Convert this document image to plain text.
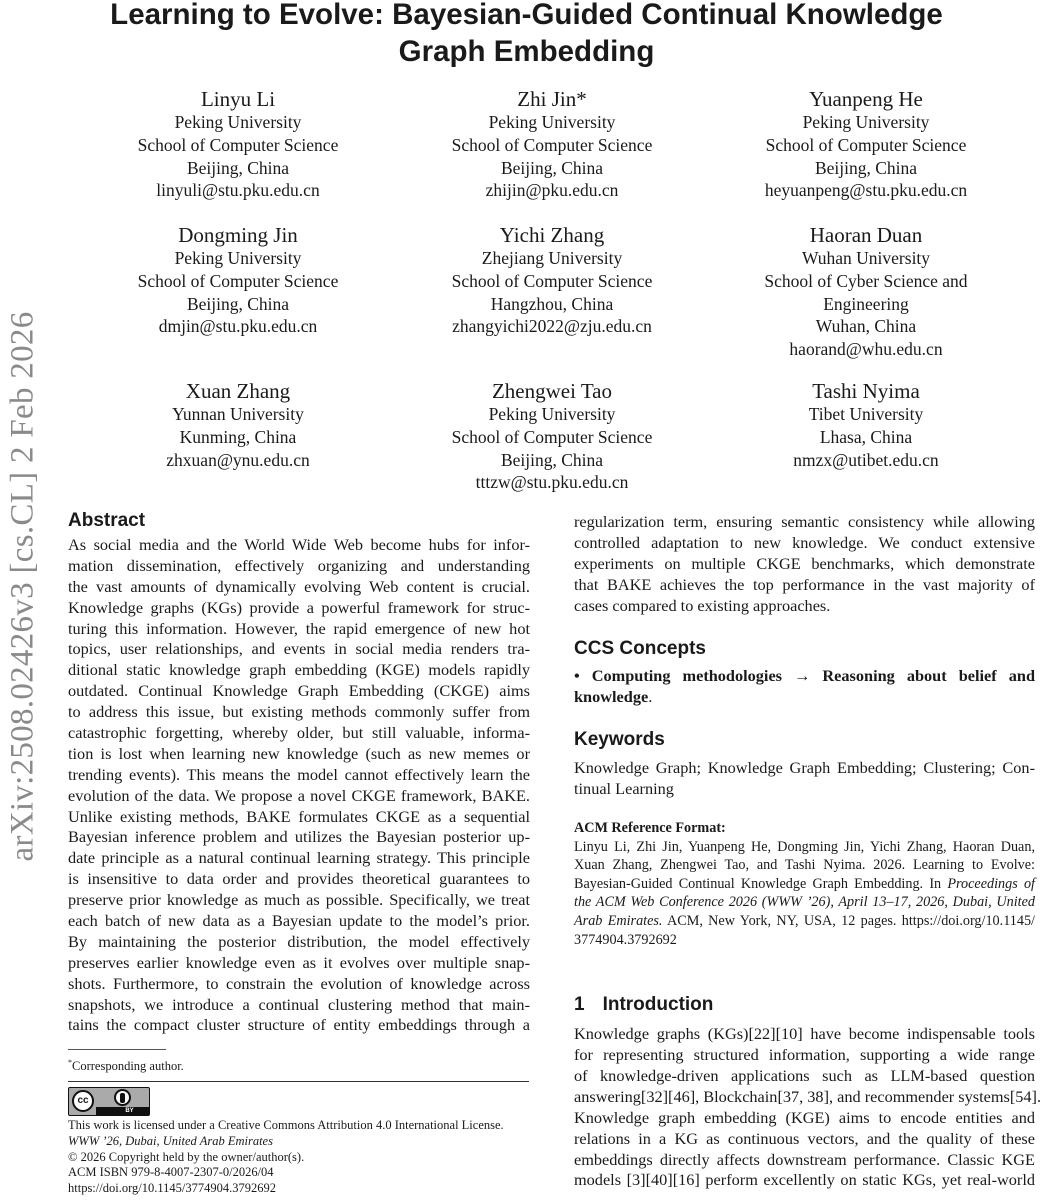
Learning to Evolve: Bayesian-Guided Continual Knowledge
Graph Embedding
arXiv:2508.02426v3 [cs.CL] 2 Feb 2026
Linyu Li
Peking University
School of Computer Science
Beijing, China
linyuli@stu.pku.edu.cn
Zhi Jin*
Peking University
School of Computer Science
Beijing, China
zhijin@pku.edu.cn
Yuanpeng He
Peking University
School of Computer Science
Beijing, China
heyuanpeng@stu.pku.edu.cn
Dongming Jin
Peking University
School of Computer Science
Beijing, China
dmjin@stu.pku.edu.cn
Yichi Zhang
Zhejiang University
School of Computer Science
Hangzhou, China
zhangyichi2022@zju.edu.cn
Haoran Duan
Wuhan University
School of Cyber Science and
Engineering
Wuhan, China
haorand@whu.edu.cn
Xuan Zhang
Yunnan University
Kunming, China
zhxuan@ynu.edu.cn
Zhengwei Tao
Peking University
School of Computer Science
Beijing, China
tttzw@stu.pku.edu.cn
Tashi Nyima
Tibet University
Lhasa, China
nmzx@utibet.edu.cn
Abstract
As social media and the World Wide Web become hubs for infor-
mation dissemination, effectively organizing and understanding
the vast amounts of dynamically evolving Web content is crucial.
Knowledge graphs (KGs) provide a powerful framework for struc-
turing this information. However, the rapid emergence of new hot
topics, user relationships, and events in social media renders tra-
ditional static knowledge graph embedding (KGE) models rapidly
outdated. Continual Knowledge Graph Embedding (CKGE) aims
to address this issue, but existing methods commonly suffer from
catastrophic forgetting, whereby older, but still valuable, informa-
tion is lost when learning new knowledge (such as new memes or
trending events). This means the model cannot effectively learn the
evolution of the data. We propose a novel CKGE framework, BAKE.
Unlike existing methods, BAKE formulates CKGE as a sequential
Bayesian inference problem and utilizes the Bayesian posterior up-
date principle as a natural continual learning strategy. This principle
is insensitive to data order and provides theoretical guarantees to
preserve prior knowledge as much as possible. Specifically, we treat
each batch of new data as a Bayesian update to the model’s prior.
By maintaining the posterior distribution, the model effectively
preserves earlier knowledge even as it evolves over multiple snap-
shots. Furthermore, to constrain the evolution of knowledge across
snapshots, we introduce a continual clustering method that main-
tains the compact cluster structure of entity embeddings through a
regularization term, ensuring semantic consistency while allowing
controlled adaptation to new knowledge. We conduct extensive
experiments on multiple CKGE benchmarks, which demonstrate
that BAKE achieves the top performance in the vast majority of
cases compared to existing approaches.
CCS Concepts
• Computing methodologies → Reasoning about belief and
knowledge.
Keywords
Knowledge Graph; Knowledge Graph Embedding; Clustering; Con-
tinual Learning
ACM Reference Format:
Linyu Li, Zhi Jin, Yuanpeng He, Dongming Jin, Yichi Zhang, Haoran Duan,
Xuan Zhang, Zhengwei Tao, and Tashi Nyima. 2026. Learning to Evolve:
Bayesian-Guided Continual Knowledge Graph Embedding. In Proceedings of
the ACM Web Conference 2026 (WWW ’26), April 13–17, 2026, Dubai, United
Arab Emirates. ACM, New York, NY, USA, 12 pages. https://doi.org/10.1145/
3774904.3792692
1 Introduction
Knowledge graphs (KGs)[22][10] have become indispensable tools
for representing structured information, supporting a wide range
of knowledge-driven applications such as LLM-based question
answering[32][46], Blockchain[37, 38], and recommender systems[54].
Knowledge graph embedding (KGE) aims to encode entities and
relations in a KG as continuous vectors, and the quality of these
embeddings directly affects downstream performance. Classic KGE
models [3][40][16] perform excellently on static KGs, yet real-world
*Corresponding author.
cc
BY
This work is licensed under a Creative Commons Attribution 4.0 International License.
WWW ’26, Dubai, United Arab Emirates
© 2026 Copyright held by the owner/author(s).
ACM ISBN 979-8-4007-2307-0/2026/04
https://doi.org/10.1145/3774904.3792692
